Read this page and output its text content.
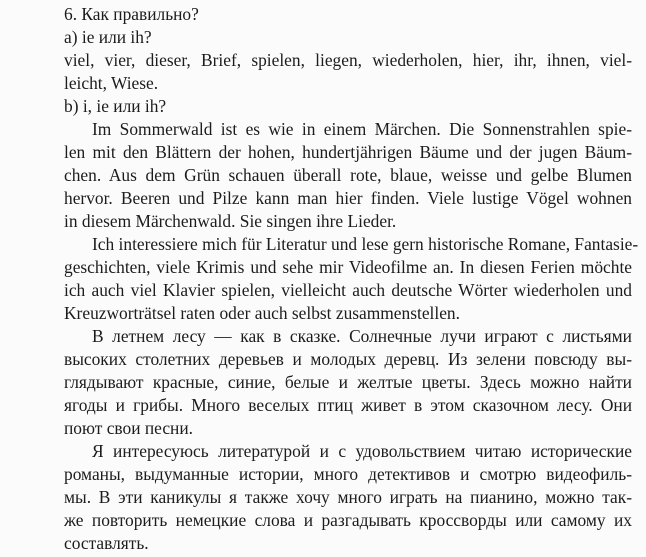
6. Как правильно?

а) ie или ih?

viel, vier, dieser, Brief, spielen, liegen, wiederholen, hier, ihr, ihnen, viel-

leicht, Wiese.

b) i, ie или ih?

Im Sommerwald ist es wie in einem Märchen. Die Sonnenstrahlen spie-

len mit den Blättern der hohen, hundertjährigen Bäume und der jugen Bäum-

chen. Aus dem Grün schauen überall rote, blaue, weisse und gelbe Blumen

hervor. Beeren und Pilze kann man hier finden. Viele lustige Vögel wohnen

in diesem Märchenwald. Sie singen ihre Lieder.

Ich interessiere mich für Literatur und lese gern historische Romane, Fantasie-

geschichten, viele Krimis und sehe mir Videofilme an. In diesen Ferien möchte

ich auch viel Klavier spielen, vielleicht auch deutsche Wörter wiederholen und

Kreuzworträtsel raten oder auch selbst zusammenstellen.

В летнем лесу — как в сказке. Солнечные лучи играют с листьями

высоких столетних деревьев и молодых деревц. Из зелени повсюду вы-

глядывают красные, синие, белые и желтые цветы. Здесь можно найти

ягоды и грибы. Много веселых птиц живет в этом сказочном лесу. Они

поют свои песни.

Я интересуюсь литературой и с удовольствием читаю исторические

романы, выдуманные истории, много детективов и смотрю видеофиль-

мы. В эти каникулы я также хочу много играть на пианино, можно так-

же повторить немецкие слова и разгадывать кроссворды или самому их

составлять.
